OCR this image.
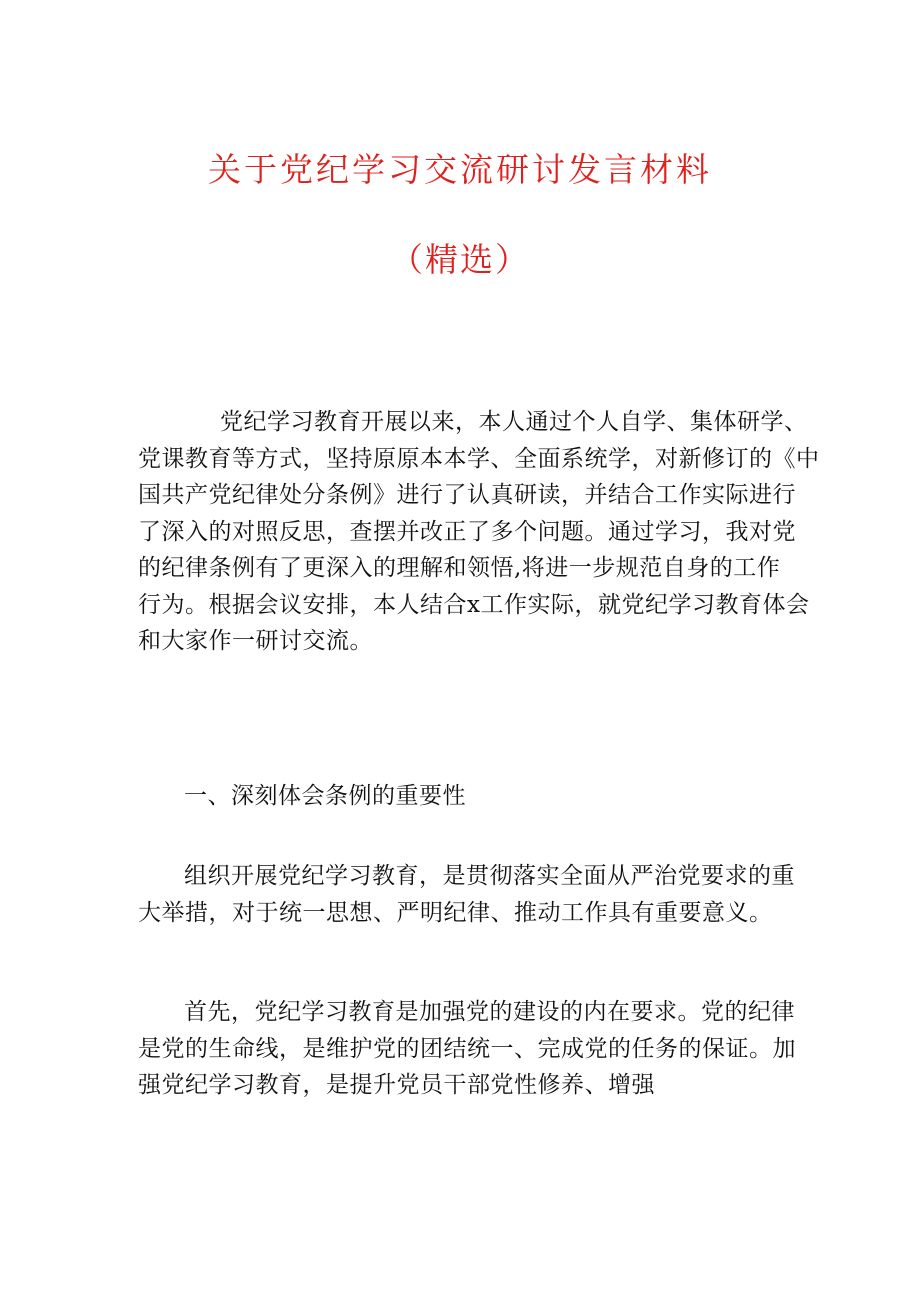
关于党纪学习交流研讨发言材料
（精选）
党纪学习教育开展以来，本人通过个人自学、集体研学、
党课教育等方式，坚持原原本本学、全面系统学，对新修订的《中
国共产党纪律处分条例》进行了认真研读，并结合工作实际进行
了深入的对照反思，查摆并改正了多个问题。通过学习，我对党
的纪律条例有了更深入的理解和领悟,将进一步规范自身的工作
行为。根据会议安排，本人结合x工作实际，就党纪学习教育体会
和大家作一研讨交流。
一、深刻体会条例的重要性
组织开展党纪学习教育，是贯彻落实全面从严治党要求的重
大举措，对于统一思想、严明纪律、推动工作具有重要意义。
首先，党纪学习教育是加强党的建设的内在要求。党的纪律
是党的生命线，是维护党的团结统一、完成党的任务的保证。加
强党纪学习教育，是提升党员干部党性修养、增强
